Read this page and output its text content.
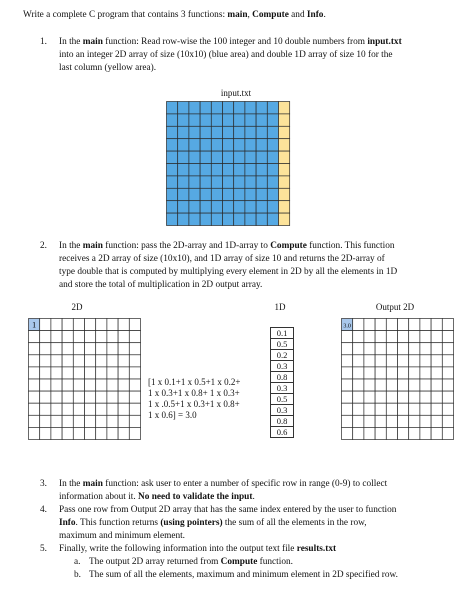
Write a complete C program that contains 3 functions: main, Compute and Info.
1. In the main function: Read row-wise the 100 integer and 10 double numbers from input.txt
into an integer 2D array of size (10x10) (blue area) and double 1D array of size 10 for the
last column (yellow area).
input.txt
2. In the main function: pass the 2D-array and 1D-array to Compute function. This function
receives a 2D array of size (10x10), and 1D array of size 10 and returns the 2D-array of
type double that is computed by multiplying every element in 2D by all the elements in 1D
and store the total of multiplication in 2D output array.
2D	1D	Output 2D
1
[1 x 0.1+1 x 0.5+1 x 0.2+
1 x 0.3+1 x 0.8+ 1 x 0.3+
1 x .0.5+1 x 0.3+1 x 0.8+
1 x 0.6] = 3.0
0.1
0.5
0.2
0.3
0.8
0.3
0.5
0.3
0.8
0.6
3.0
3. In the main function: ask user to enter a number of specific row in range (0-9) to collect
information about it. No need to validate the input.
4. Pass one row from Output 2D array that has the same index entered by the user to function
Info. This function returns (using pointers) the sum of all the elements in the row,
maximum and minimum element.
5. Finally, write the following information into the output text file results.txt
a. The output 2D array returned from Compute function.
b. The sum of all the elements, maximum and minimum element in 2D specified row.
